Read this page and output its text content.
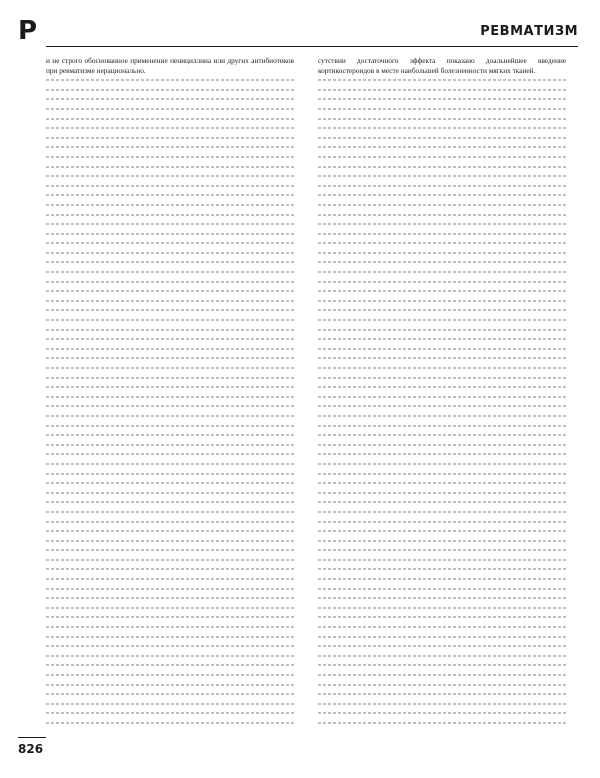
Р	РЕВМАТИЗМ

и не строго обоснованное применение пенициллина или других антибиотиков при ревматизме нерационально.

сутствии достаточного эффекта показано доальнейшее введение кортикостероидов в месте наибольшей болезненности мягких тканей.

826
